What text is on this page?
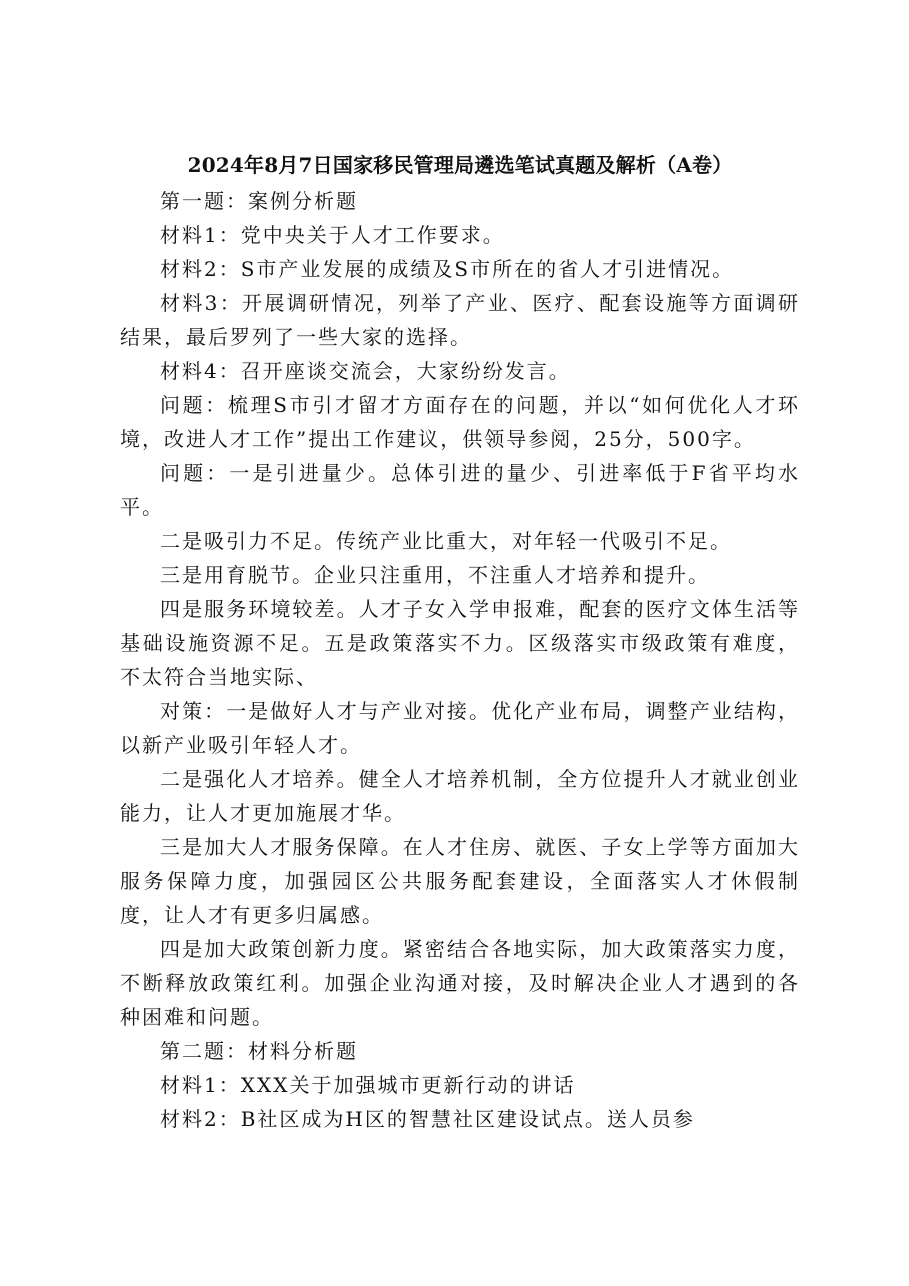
2024年8月7日国家移民管理局遴选笔试真题及解析（A卷）

第一题：案例分析题

材料1：党中央关于人才工作要求。

材料2：S市产业发展的成绩及S市所在的省人才引进情况。

材料3：开展调研情况，列举了产业、医疗、配套设施等方面调研结果，最后罗列了一些大家的选择。

材料4：召开座谈交流会，大家纷纷发言。

问题：梳理S市引才留才方面存在的问题，并以“如何优化人才环境，改进人才工作”提出工作建议，供领导参阅，25分，500字。

问题：一是引进量少。总体引进的量少、引进率低于F省平均水平。

二是吸引力不足。传统产业比重大，对年轻一代吸引不足。

三是用育脱节。企业只注重用，不注重人才培养和提升。

四是服务环境较差。人才子女入学申报难，配套的医疗文体生活等基础设施资源不足。五是政策落实不力。区级落实市级政策有难度，不太符合当地实际、

对策：一是做好人才与产业对接。优化产业布局，调整产业结构，以新产业吸引年轻人才。

二是强化人才培养。健全人才培养机制，全方位提升人才就业创业能力，让人才更加施展才华。

三是加大人才服务保障。在人才住房、就医、子女上学等方面加大服务保障力度，加强园区公共服务配套建设，全面落实人才休假制度，让人才有更多归属感。

四是加大政策创新力度。紧密结合各地实际，加大政策落实力度，不断释放政策红利。加强企业沟通对接，及时解决企业人才遇到的各种困难和问题。

第二题：材料分析题

材料1：XXX关于加强城市更新行动的讲话

材料2：B社区成为H区的智慧社区建设试点。送人员参
